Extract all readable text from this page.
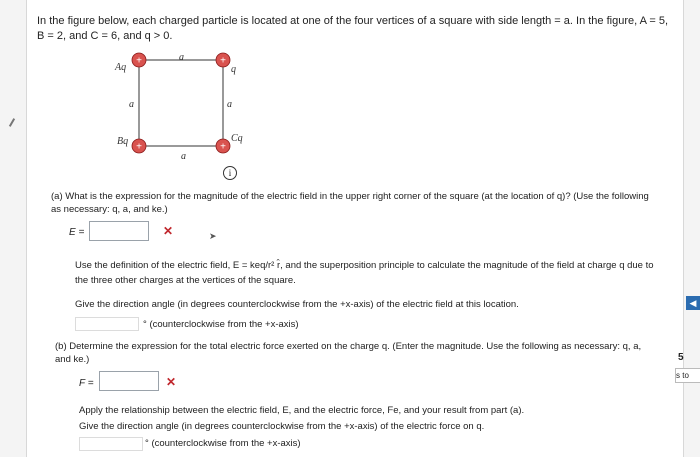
In the figure below, each charged particle is located at one of the four vertices of a square with side length = a. In the figure, A = 5, B = 2, and C = 6, and q > 0.
+	+
+	+
a
a	a
a
Aq	q
Bq	Cq
i
(a) What is the expression for the magnitude of the electric field in the upper right corner of the square (at the location of q)? (Use the following as necessary: q, a, and ke.)
E =	✕	➤
Use the definition of the electric field, E = keq/r² r̂, and the superposition principle to calculate the magnitude of the field at charge q due to the three other charges at the vertices of the square.
Give the direction angle (in degrees counterclockwise from the +x-axis) of the electric field at this location.
° (counterclockwise from the +x-axis)
(b) Determine the expression for the total electric force exerted on the charge q. (Enter the magnitude. Use the following as necessary: q, a, and ke.)
F =	✕
Apply the relationship between the electric field, E, and the electric force, Fe, and your result from part (a).
Give the direction angle (in degrees counterclockwise from the +x-axis) of the electric force on q.
° (counterclockwise from the +x-axis)
◀
5
s to
